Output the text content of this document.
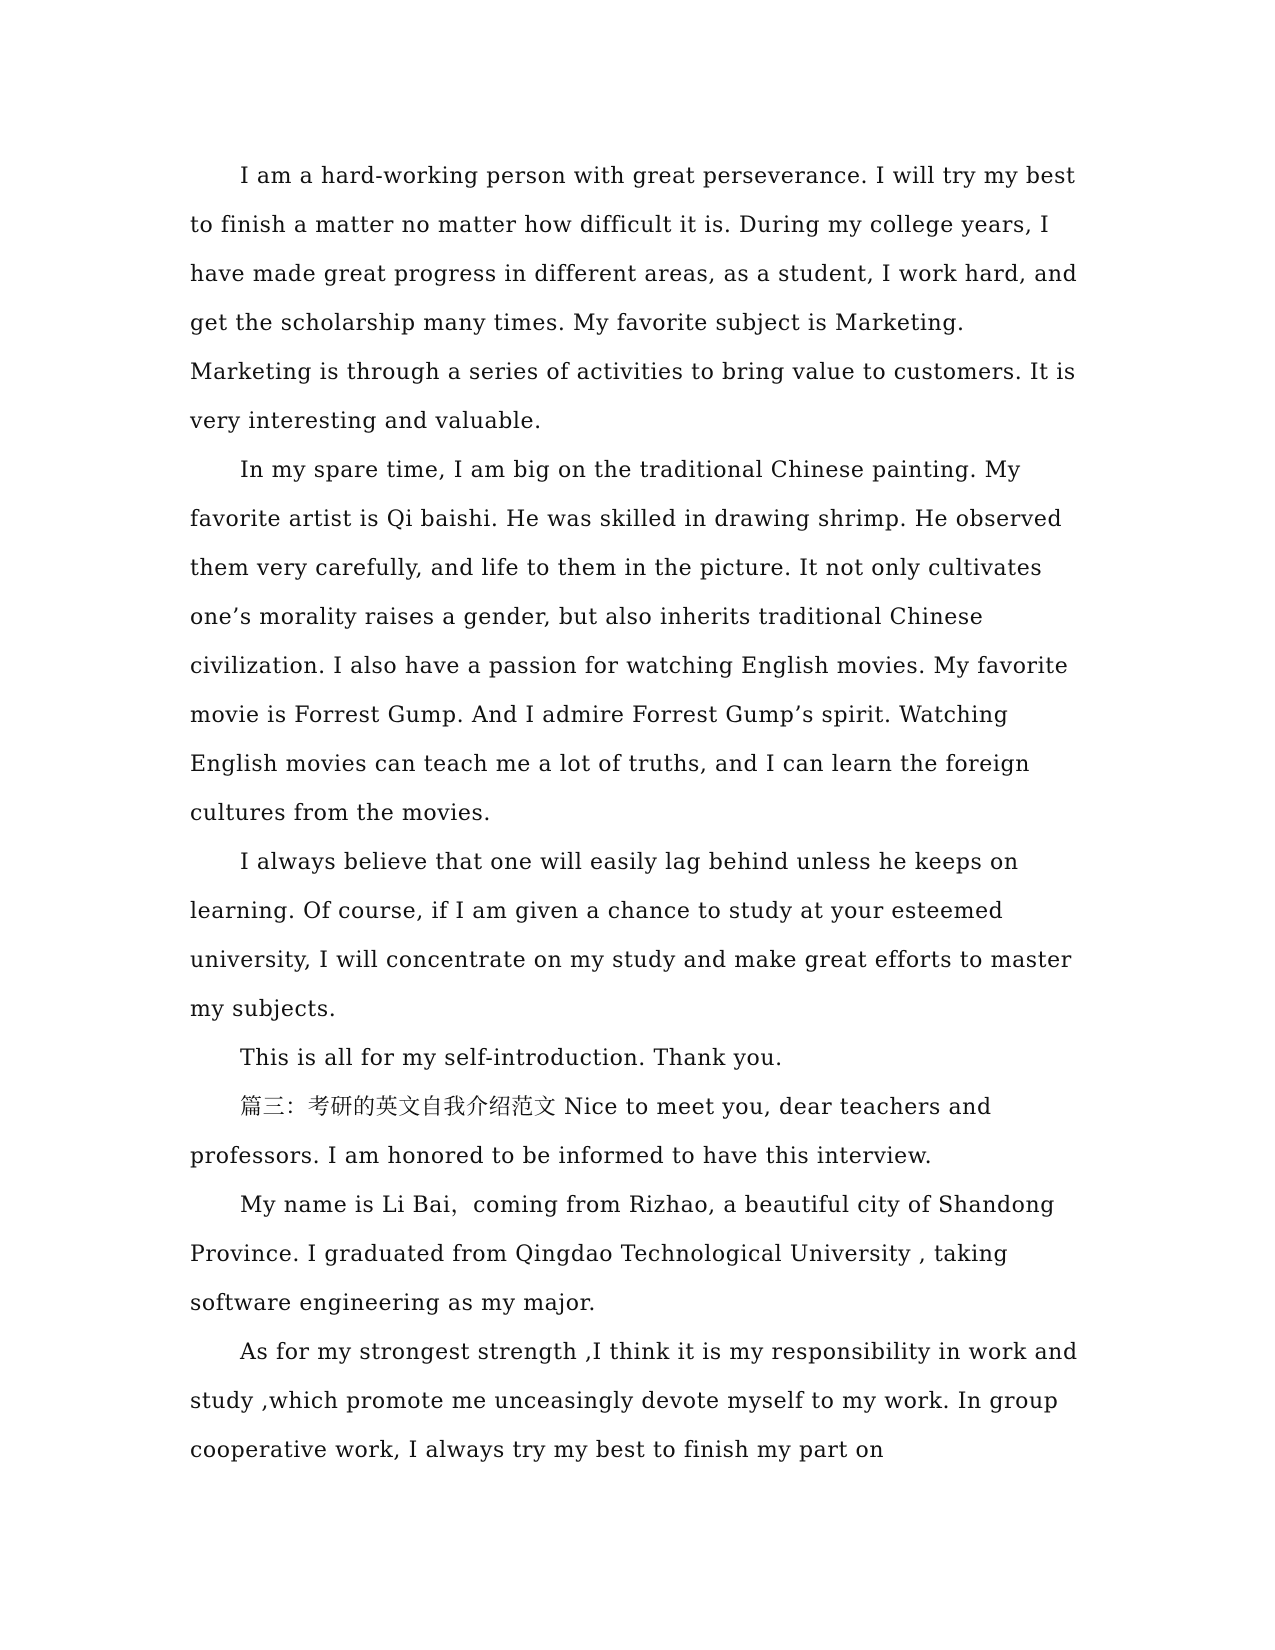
I am a hard-working person with great perseverance. I will try my best to finish a matter no matter how difficult it is. During my college years, I have made great progress in different areas, as a student, I work hard, and get the scholarship many times. My favorite subject is Marketing. Marketing is through a series of activities to bring value to customers. It is very interesting and valuable.

In my spare time, I am big on the traditional Chinese painting. My favorite artist is Qi baishi. He was skilled in drawing shrimp. He observed them very carefully, and life to them in the picture. It not only cultivates one’s morality raises a gender, but also inherits traditional Chinese civilization. I also have a passion for watching English movies. My favorite movie is Forrest Gump. And I admire Forrest Gump’s spirit. Watching English movies can teach me a lot of truths, and I can learn the foreign cultures from the movies.

I always believe that one will easily lag behind unless he keeps on learning. Of course, if I am given a chance to study at your esteemed university, I will concentrate on my study and make great efforts to master my subjects.

This is all for my self-introduction. Thank you.

篇三：考研的英文自我介绍范文 Nice to meet you, dear teachers and professors. I am honored to be informed to have this interview.

My name is Li Bai，coming from Rizhao, a beautiful city of Shandong Province. I graduated from Qingdao Technological University , taking software engineering as my major.

As for my strongest strength ,I think it is my responsibility in work and study ,which promote me unceasingly devote myself to my work. In group cooperative work, I always try my best to finish my part on
